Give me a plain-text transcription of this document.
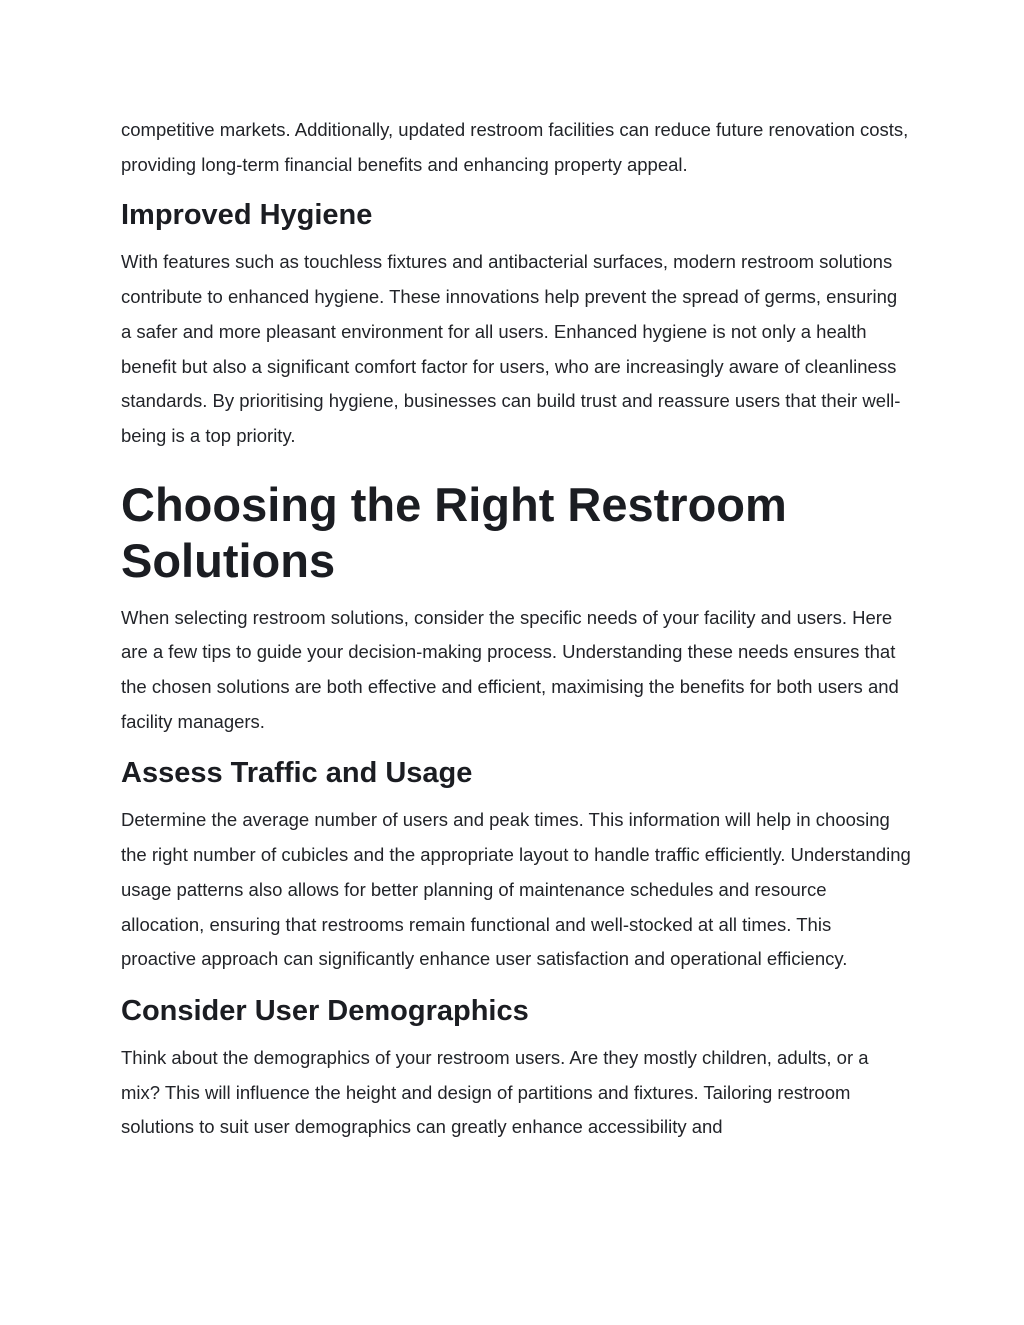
competitive markets. Additionally, updated restroom facilities can reduce future renovation costs, providing long-term financial benefits and enhancing property appeal.

Improved Hygiene

With features such as touchless fixtures and antibacterial surfaces, modern restroom solutions contribute to enhanced hygiene. These innovations help prevent the spread of germs, ensuring a safer and more pleasant environment for all users. Enhanced hygiene is not only a health benefit but also a significant comfort factor for users, who are increasingly aware of cleanliness standards. By prioritising hygiene, businesses can build trust and reassure users that their well-being is a top priority.

Choosing the Right Restroom Solutions

When selecting restroom solutions, consider the specific needs of your facility and users. Here are a few tips to guide your decision-making process. Understanding these needs ensures that the chosen solutions are both effective and efficient, maximising the benefits for both users and facility managers.

Assess Traffic and Usage

Determine the average number of users and peak times. This information will help in choosing the right number of cubicles and the appropriate layout to handle traffic efficiently. Understanding usage patterns also allows for better planning of maintenance schedules and resource allocation, ensuring that restrooms remain functional and well-stocked at all times. This proactive approach can significantly enhance user satisfaction and operational efficiency.

Consider User Demographics

Think about the demographics of your restroom users. Are they mostly children, adults, or a mix? This will influence the height and design of partitions and fixtures. Tailoring restroom solutions to suit user demographics can greatly enhance accessibility and
